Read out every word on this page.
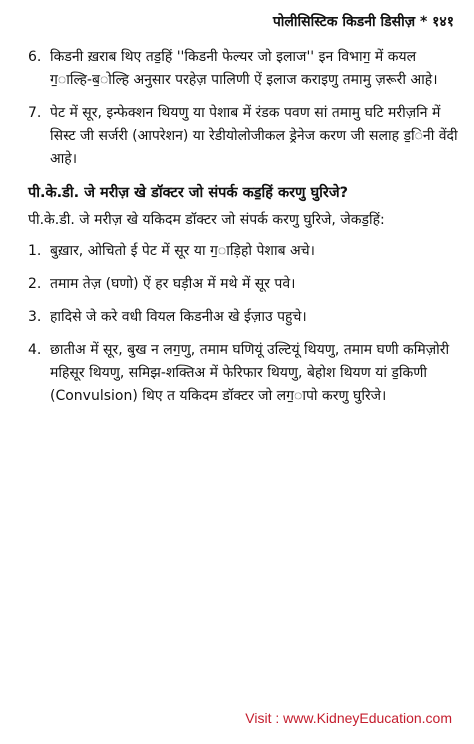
पोलीसिस्टिक किडनी डिसीज़ * १४१
6. किडनी ख़राब थिए तड॒हिं ''किडनी फेल्यर जो इलाज'' इन विभाग॒ में कयल ग॒ाल्हि-ब॒ोल्हि अनुसार परहेज़ पालिणी ऐं इलाज कराइणु तमामु ज़रूरी आहे।
7. पेट में सूर, इन्फेक्शन थियणु या पेशाब में रंडक पवण सां तमामु घटि मरीज़नि में सिस्ट जी सर्जरी (आपरेशन) या रेडीयोलोजीकल ड्रेनेज करण जी सलाह ड॒िनी वेंदी आहे।
पी.के.डी. जे मरीज़ खे डॉक्टर जो संपर्क कड॒हिं करणु घुरिजे?
पी.के.डी. जे मरीज़ खे यकिदम डॉक्टर जो संपर्क करणु घुरिजे, जेकड॒हिं:
1. बुख़ार, ओचितो ई पेट में सूर या ग॒ाड़िहो पेशाब अचे।
2. तमाम तेज़ (घणो) ऐं हर घड़ीअ में मथे में सूर पवे।
3. हादिसे जे करे वधी वियल किडनीअ खे ईज़ाउ पहुचे।
4. छातीअ में सूर, बुख न लग॒णु, तमाम घणियूं उल्टियूं थियणु, तमाम घणी कमिज़ोरी महिसूर थियणु, समिझ-शक्तिअ में फेरिफार थियणु, बेहोश थियण यां ड॒किणी (Convulsion) थिए त यकिदम डॉक्टर जो लग॒ापो करणु घुरिजे।
Visit : www.KidneyEducation.com
